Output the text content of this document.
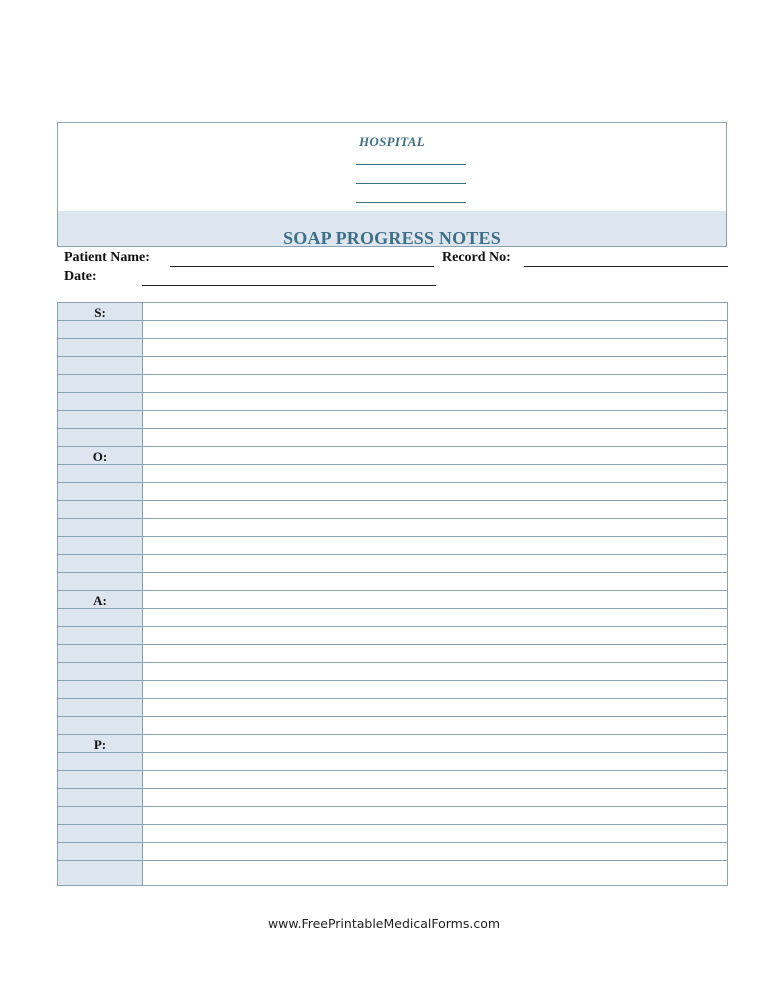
HOSPITAL
SOAP PROGRESS NOTES
Patient Name:	Record No:
Date:
S:
O:
A:
P:
www.FreePrintableMedicalForms.com
